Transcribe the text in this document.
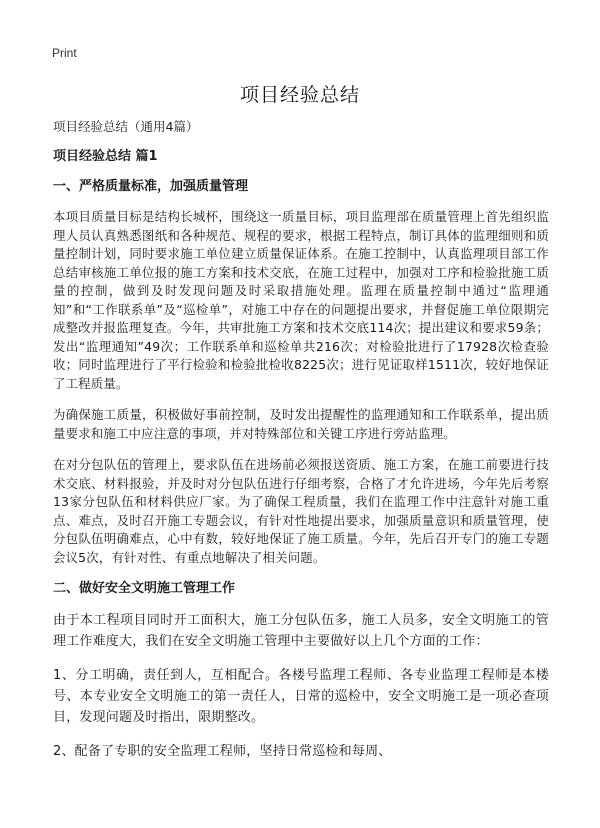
Print
项目经验总结

项目经验总结（通用4篇）

项目经验总结 篇1

一、严格质量标准，加强质量管理

本项目质量目标是结构长城杯，围绕这一质量目标，项目监理部在质量管理上首先组织监理人员认真熟悉图纸和各种规范、规程的要求，根据工程特点，制订具体的监理细则和质量控制计划，同时要求施工单位建立质量保证体系。在施工控制中，认真监理项目部工作总结审核施工单位报的施工方案和技术交底，在施工过程中，加强对工序和检验批施工质量的控制，做到及时发现问题及时采取措施处理。监理在质量控制中通过“监理通知”和“工作联系单”及“巡检单”，对施工中存在的问题提出要求，并督促施工单位限期完成整改并报监理复查。今年，共审批施工方案和技术交底114次；提出建议和要求59条；发出“监理通知”49次；工作联系单和巡检单共216次；对检验批进行了17928次检查验收；同时监理进行了平行检验和检验批检收8225次；进行见证取样1511次，较好地保证了工程质量。

为确保施工质量，积极做好事前控制，及时发出提醒性的监理通知和工作联系单，提出质量要求和施工中应注意的事项，并对特殊部位和关键工序进行旁站监理。

在对分包队伍的管理上，要求队伍在进场前必须报送资质、施工方案，在施工前要进行技术交底、材料报验，并及时对分包队伍进行仔细考察，合格了才允许进场，今年先后考察13家分包队伍和材料供应厂家。为了确保工程质量，我们在监理工作中注意针对施工重点、难点，及时召开施工专题会议，有针对性地提出要求，加强质量意识和质量管理，使分包队伍明确难点，心中有数，较好地保证了施工质量。今年，先后召开专门的施工专题会议5次，有针对性、有重点地解决了相关问题。

二、做好安全文明施工管理工作

由于本工程项目同时开工面积大，施工分包队伍多，施工人员多，安全文明施工的管理工作难度大，我们在安全文明施工管理中主要做好以上几个方面的工作：

1、分工明确，责任到人，互相配合。各楼号监理工程师、各专业监理工程师是本楼号、本专业安全文明施工的第一责任人，日常的巡检中，安全文明施工是一项必查项目，发现问题及时指出，限期整改。

2、配备了专职的安全监理工程师，坚持日常巡检和每周、
